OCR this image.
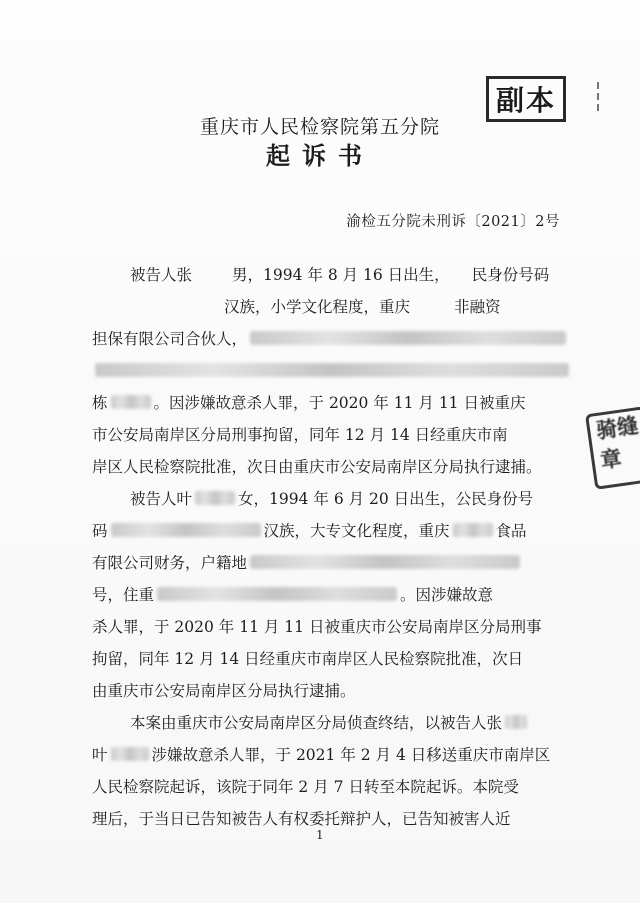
副本
重庆市人民检察院第五分院
起诉书
渝检五分院未刑诉〔2021〕2号
被告人张	男，1994 年 8 月 16 日出生， 民身份号码
汉族，小学文化程度，重庆	非融资
担保有限公司合伙人，
栋	。因涉嫌故意杀人罪，于 2020 年 11 月 11 日被重庆
市公安局南岸区分局刑事拘留，同年 12 月 14 日经重庆市南
岸区人民检察院批准，次日由重庆市公安局南岸区分局执行逮捕。
被告人叶	女，1994 年 6 月 20 日出生，公民身份号
码	汉族，大专文化程度，重庆	食品
有限公司财务，户籍地
号，住重	。因涉嫌故意
杀人罪，于 2020 年 11 月 11 日被重庆市公安局南岸区分局刑事
拘留，同年 12 月 14 日经重庆市南岸区人民检察院批准，次日
由重庆市公安局南岸区分局执行逮捕。
本案由重庆市公安局南岸区分局侦查终结，以被告人张
叶	涉嫌故意杀人罪，于 2021 年 2 月 4 日移送重庆市南岸区
人民检察院起诉，该院于同年 2 月 7 日转至本院起诉。本院受
理后，于当日已告知被告人有权委托辩护人，已告知被害人近
骑缝
章
1
